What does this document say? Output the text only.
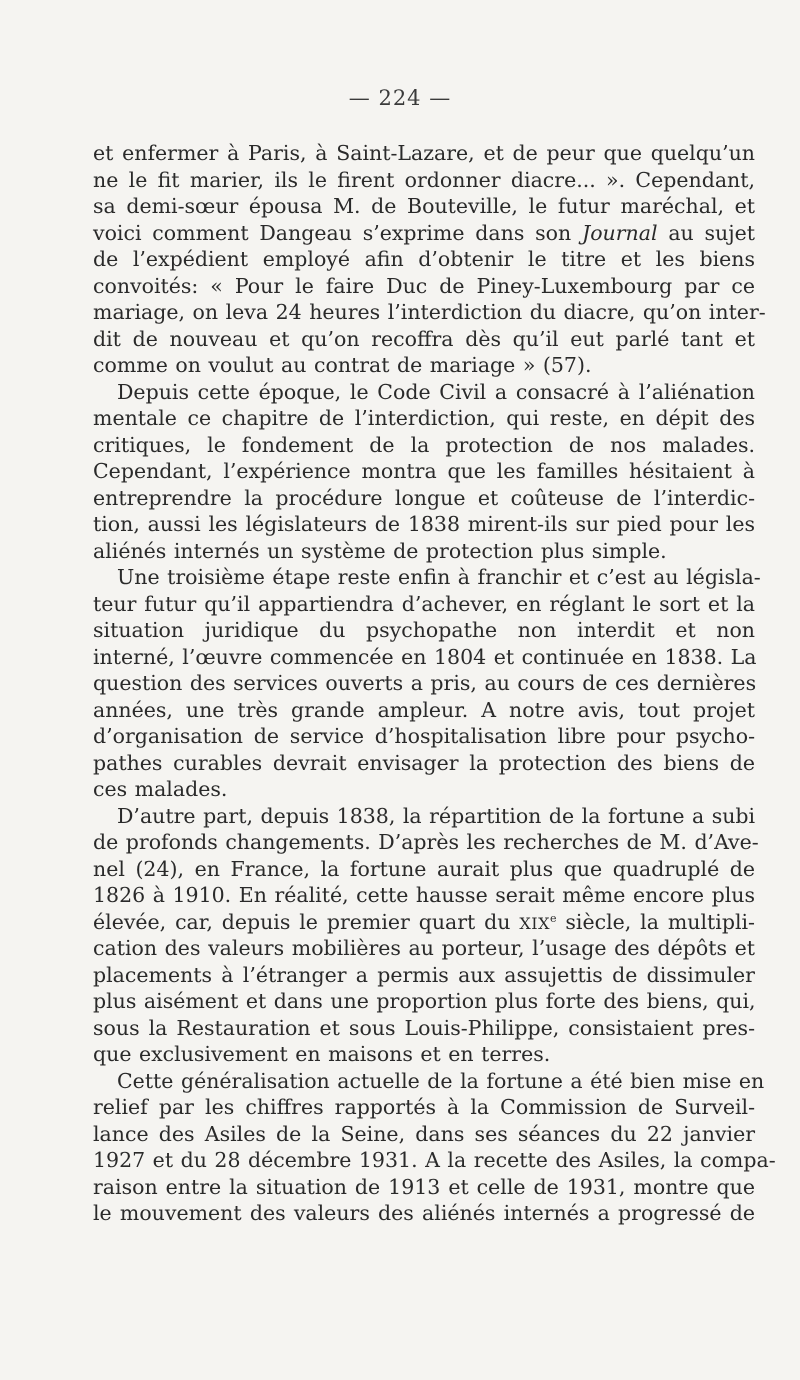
— 224 —
et enfermer à Paris, à Saint-Lazare, et de peur que quelqu’un
ne le fit marier, ils le firent ordonner diacre... ». Cependant,
sa demi-sœur épousa M. de Bouteville, le futur maréchal, et
voici comment Dangeau s’exprime dans son Journal au sujet
de l’expédient employé afin d’obtenir le titre et les biens
convoités: « Pour le faire Duc de Piney-Luxembourg par ce
mariage, on leva 24 heures l’interdiction du diacre, qu’on inter-
dit de nouveau et qu’on recoffra dès qu’il eut parlé tant et
comme on voulut au contrat de mariage » (57).
Depuis cette époque, le Code Civil a consacré à l’aliénation
mentale ce chapitre de l’interdiction, qui reste, en dépit des
critiques, le fondement de la protection de nos malades.
Cependant, l’expérience montra que les familles hésitaient à
entreprendre la procédure longue et coûteuse de l’interdic-
tion, aussi les législateurs de 1838 mirent-ils sur pied pour les
aliénés internés un système de protection plus simple.
Une troisième étape reste enfin à franchir et c’est au législa-
teur futur qu’il appartiendra d’achever, en réglant le sort et la
situation juridique du psychopathe non interdit et non
interné, l’œuvre commencée en 1804 et continuée en 1838. La
question des services ouverts a pris, au cours de ces dernières
années, une très grande ampleur. A notre avis, tout projet
d’organisation de service d’hospitalisation libre pour psycho-
pathes curables devrait envisager la protection des biens de
ces malades.
D’autre part, depuis 1838, la répartition de la fortune a subi
de profonds changements. D’après les recherches de M. d’Ave-
nel (24), en France, la fortune aurait plus que quadruplé de
1826 à 1910. En réalité, cette hausse serait même encore plus
élevée, car, depuis le premier quart du XIXe siècle, la multipli-
cation des valeurs mobilières au porteur, l’usage des dépôts et
placements à l’étranger a permis aux assujettis de dissimuler
plus aisément et dans une proportion plus forte des biens, qui,
sous la Restauration et sous Louis-Philippe, consistaient pres-
que exclusivement en maisons et en terres.
Cette généralisation actuelle de la fortune a été bien mise en
relief par les chiffres rapportés à la Commission de Surveil-
lance des Asiles de la Seine, dans ses séances du 22 janvier
1927 et du 28 décembre 1931. A la recette des Asiles, la compa-
raison entre la situation de 1913 et celle de 1931, montre que
le mouvement des valeurs des aliénés internés a progressé de
